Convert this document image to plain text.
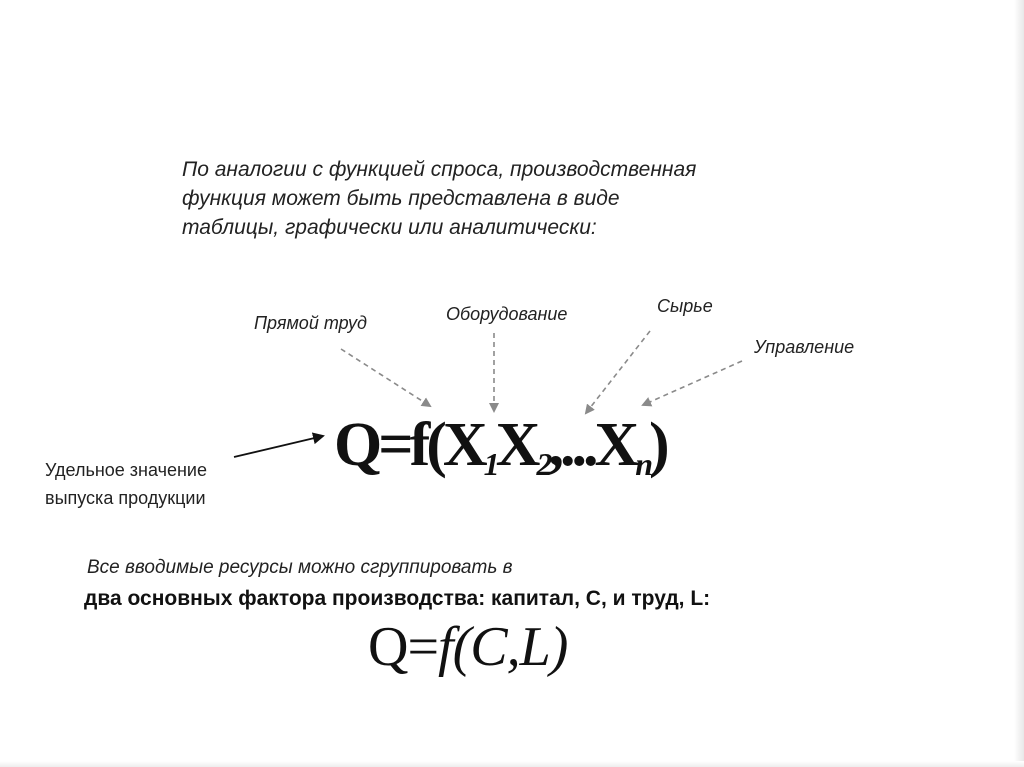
По аналогии с функцией спроса, производственная
функция может быть представлена в виде
таблицы, графически или аналитически:

Прямой труд	Оборудование	Сырье
Управление
Удельное значение
выпуска продукции
$Q=f(X_1X_2,...X_n)$
Все вводимые ресурсы можно сгруппировать в
два основных фактора производства: капитал, С, и труд, L:
Q=f(C,L)
